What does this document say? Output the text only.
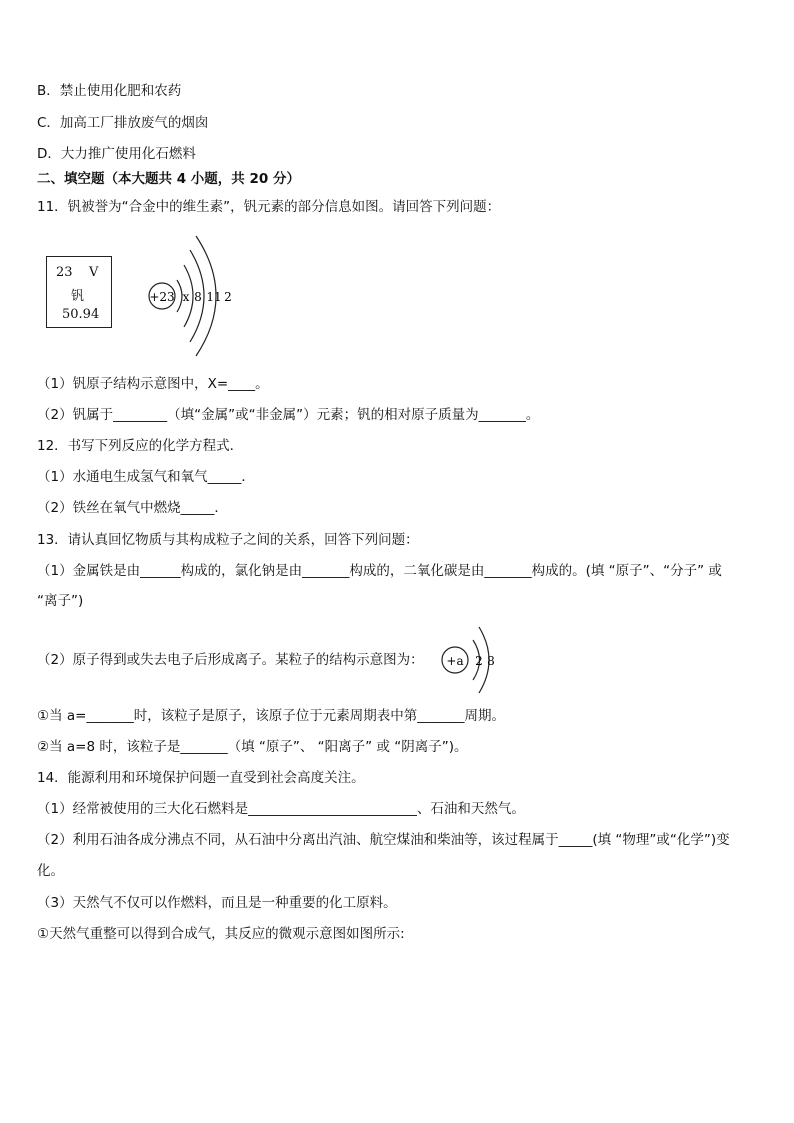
B．禁止使用化肥和农药
C．加高工厂排放废气的烟囱
D．大力推广使用化石燃料
二、填空题（本大题共 4 小题，共 20 分）
11．钒被誉为“合金中的维生素”，钒元素的部分信息如图。请回答下列问题：
23 V
钒
50.94
+23 x 8 11 2
（1）钒原子结构示意图中，X=____。
（2）钒属于________（填“金属”或“非金属”）元素；钒的相对原子质量为_______。
12．书写下列反应的化学方程式．
（1）水通电生成氢气和氧气_____．
（2）铁丝在氧气中燃烧_____．
13．请认真回忆物质与其构成粒子之间的关系，回答下列问题：
（1）金属铁是由______构成的，氯化钠是由_______构成的，二氧化碳是由_______构成的。(填 “原子”、“分子” 或
“离子”)
（2）原子得到或失去电子后形成离子。某粒子的结构示意图为： +a 2 8
①当 a=_______时，该粒子是原子，该原子位于元素周期表中第_______周期。
②当 a=8 时，该粒子是_______（填 “原子”、 “阳离子” 或 “阴离子”)。
14．能源利用和环境保护问题一直受到社会高度关注。
（1）经常被使用的三大化石燃料是_________________________、石油和天然气。
（2）利用石油各成分沸点不同，从石油中分离出汽油、航空煤油和柴油等，该过程属于_____(填 “物理”或“化学”)变
化。
（3）天然气不仅可以作燃料，而且是一种重要的化工原料。
①天然气重整可以得到合成气，其反应的微观示意图如图所示:
